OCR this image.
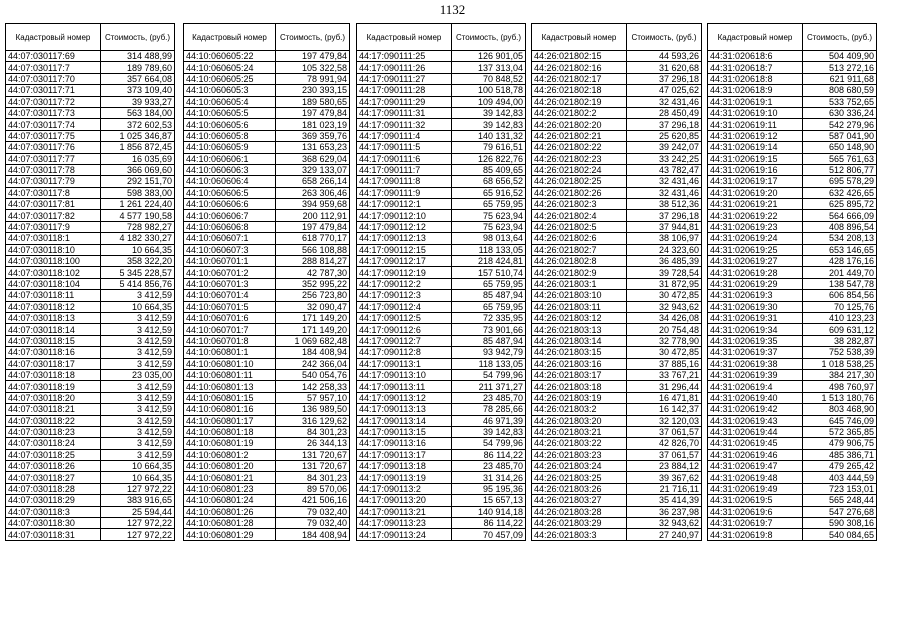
1132
Кадастровый номер	Стоимость, (руб.)
44:07:030117:69	314 488,99
44:07:030117:7	189 789,60
44:07:030117:70	357 664,08
44:07:030117:71	373 109,40
44:07:030117:72	39 933,27
44:07:030117:73	563 184,00
44:07:030117:74	372 602,53
44:07:030117:75	1 025 346,87
44:07:030117:76	1 856 872,45
44:07:030117:77	16 035,69
44:07:030117:78	366 069,60
44:07:030117:79	292 151,70
44:07:030117:8	598 383,00
44:07:030117:81	1 261 224,40
44:07:030117:82	4 577 190,58
44:07:030117:9	728 982,27
44:07:030118:1	4 182 330,27
44:07:030118:10	10 664,35
44:07:030118:100	358 322,20
44:07:030118:102	5 345 228,57
44:07:030118:104	5 414 856,76
44:07:030118:11	3 412,59
44:07:030118:12	10 664,35
44:07:030118:13	3 412,59
44:07:030118:14	3 412,59
44:07:030118:15	3 412,59
44:07:030118:16	3 412,59
44:07:030118:17	3 412,59
44:07:030118:18	23 035,00
44:07:030118:19	3 412,59
44:07:030118:20	3 412,59
44:07:030118:21	3 412,59
44:07:030118:22	3 412,59
44:07:030118:23	3 412,59
44:07:030118:24	3 412,59
44:07:030118:25	3 412,59
44:07:030118:26	10 664,35
44:07:030118:27	10 664,35
44:07:030118:28	127 972,22
44:07:030118:29	383 916,65
44:07:030118:3	25 594,44
44:07:030118:30	127 972,22
44:07:030118:31	127 972,22
Кадастровый номер	Стоимость, (руб.)
44:10:060605:22	197 479,84
44:10:060605:24	105 322,58
44:10:060605:25	78 991,94
44:10:060605:3	230 393,15
44:10:060605:4	189 580,65
44:10:060605:5	197 479,84
44:10:060605:6	181 023,19
44:10:060605:8	369 359,76
44:10:060605:9	131 653,23
44:10:060606:1	368 629,04
44:10:060606:3	329 133,07
44:10:060606:4	658 266,14
44:10:060606:5	263 306,46
44:10:060606:6	394 959,68
44:10:060606:7	200 112,91
44:10:060606:8	197 479,84
44:10:060607:1	618 770,17
44:10:060607:3	566 108,88
44:10:060701:1	288 814,27
44:10:060701:2	42 787,30
44:10:060701:3	352 995,22
44:10:060701:4	256 723,80
44:10:060701:5	32 090,47
44:10:060701:6	171 149,20
44:10:060701:7	171 149,20
44:10:060701:8	1 069 682,48
44:10:060801:1	184 408,94
44:10:060801:10	242 366,04
44:10:060801:11	540 054,76
44:10:060801:13	142 258,33
44:10:060801:15	57 957,10
44:10:060801:16	136 989,50
44:10:060801:17	316 129,62
44:10:060801:18	84 301,23
44:10:060801:19	26 344,13
44:10:060801:2	131 720,67
44:10:060801:20	131 720,67
44:10:060801:21	84 301,23
44:10:060801:23	89 570,06
44:10:060801:24	421 506,16
44:10:060801:26	79 032,40
44:10:060801:28	79 032,40
44:10:060801:29	184 408,94
Кадастровый номер	Стоимость, (руб.)
44:17:090111:25	126 901,05
44:17:090111:26	137 313,04
44:17:090111:27	70 848,52
44:17:090111:28	100 518,78
44:17:090111:29	109 494,00
44:17:090111:31	39 142,83
44:17:090111:32	39 142,83
44:17:090111:4	140 131,32
44:17:090111:5	79 616,51
44:17:090111:6	126 822,76
44:17:090111:7	85 409,65
44:17:090111:8	68 656,52
44:17:090111:9	65 916,52
44:17:090112:1	65 759,95
44:17:090112:10	75 623,94
44:17:090112:12	75 623,94
44:17:090112:13	98 013,64
44:17:090112:15	118 133,05
44:17:090112:17	218 424,81
44:17:090112:19	157 510,74
44:17:090112:2	65 759,95
44:17:090112:3	85 487,94
44:17:090112:4	65 759,95
44:17:090112:5	72 335,95
44:17:090112:6	73 901,66
44:17:090112:7	85 487,94
44:17:090112:8	93 942,79
44:17:090113:1	118 133,05
44:17:090113:10	54 799,96
44:17:090113:11	211 371,27
44:17:090113:12	23 485,70
44:17:090113:13	78 285,66
44:17:090113:14	46 971,39
44:17:090113:15	39 142,83
44:17:090113:16	54 799,96
44:17:090113:17	86 114,22
44:17:090113:18	23 485,70
44:17:090113:19	31 314,26
44:17:090113:2	95 195,36
44:17:090113:20	15 657,13
44:17:090113:21	140 914,18
44:17:090113:23	86 114,22
44:17:090113:24	70 457,09
Кадастровый номер	Стоимость, (руб.)
44:26:021802:15	44 593,26
44:26:021802:16	31 620,68
44:26:021802:17	37 296,18
44:26:021802:18	47 025,62
44:26:021802:19	32 431,46
44:26:021802:2	28 450,49
44:26:021802:20	37 296,18
44:26:021802:21	25 620,85
44:26:021802:22	39 242,07
44:26:021802:23	33 242,25
44:26:021802:24	43 782,47
44:26:021802:25	32 431,46
44:26:021802:26	32 431,46
44:26:021802:3	38 512,36
44:26:021802:4	37 296,18
44:26:021802:5	37 944,81
44:26:021802:6	38 106,97
44:26:021802:7	24 323,60
44:26:021802:8	36 485,39
44:26:021802:9	39 728,54
44:26:021803:1	31 872,95
44:26:021803:10	30 472,85
44:26:021803:11	32 943,62
44:26:021803:12	34 426,08
44:26:021803:13	20 754,48
44:26:021803:14	32 778,90
44:26:021803:15	30 472,85
44:26:021803:16	37 885,16
44:26:021803:17	33 767,21
44:26:021803:18	31 296,44
44:26:021803:19	16 471,81
44:26:021803:2	16 142,37
44:26:021803:20	32 120,03
44:26:021803:21	37 061,57
44:26:021803:22	42 826,70
44:26:021803:23	37 061,57
44:26:021803:24	23 884,12
44:26:021803:25	39 367,62
44:26:021803:26	21 716,11
44:26:021803:27	35 414,39
44:26:021803:28	36 237,98
44:26:021803:29	32 943,62
44:26:021803:3	27 240,97
Кадастровый номер	Стоимость, (руб.)
44:31:020618:6	504 409,90
44:31:020618:7	513 272,16
44:31:020618:8	621 911,68
44:31:020618:9	808 680,59
44:31:020619:1	533 752,65
44:31:020619:10	630 336,24
44:31:020619:11	542 279,96
44:31:020619:12	587 041,90
44:31:020619:14	650 148,90
44:31:020619:15	565 761,63
44:31:020619:16	512 806,77
44:31:020619:17	695 578,29
44:31:020619:20	632 426,65
44:31:020619:21	625 895,72
44:31:020619:22	564 666,09
44:31:020619:23	408 896,54
44:31:020619:24	534 208,13
44:31:020619:25	653 146,65
44:31:020619:27	428 176,16
44:31:020619:28	201 449,70
44:31:020619:29	138 547,78
44:31:020619:3	606 854,56
44:31:020619:30	70 125,76
44:31:020619:31	410 123,23
44:31:020619:34	609 631,12
44:31:020619:35	38 282,87
44:31:020619:37	752 538,39
44:31:020619:38	1 018 538,25
44:31:020619:39	384 217,30
44:31:020619:4	498 760,97
44:31:020619:40	1 513 180,76
44:31:020619:42	803 468,90
44:31:020619:43	645 746,09
44:31:020619:44	572 365,85
44:31:020619:45	479 906,75
44:31:020619:46	485 386,71
44:31:020619:47	479 265,42
44:31:020619:48	403 444,59
44:31:020619:49	723 153,01
44:31:020619:5	565 248,44
44:31:020619:6	547 276,68
44:31:020619:7	590 308,16
44:31:020619:8	540 084,65
